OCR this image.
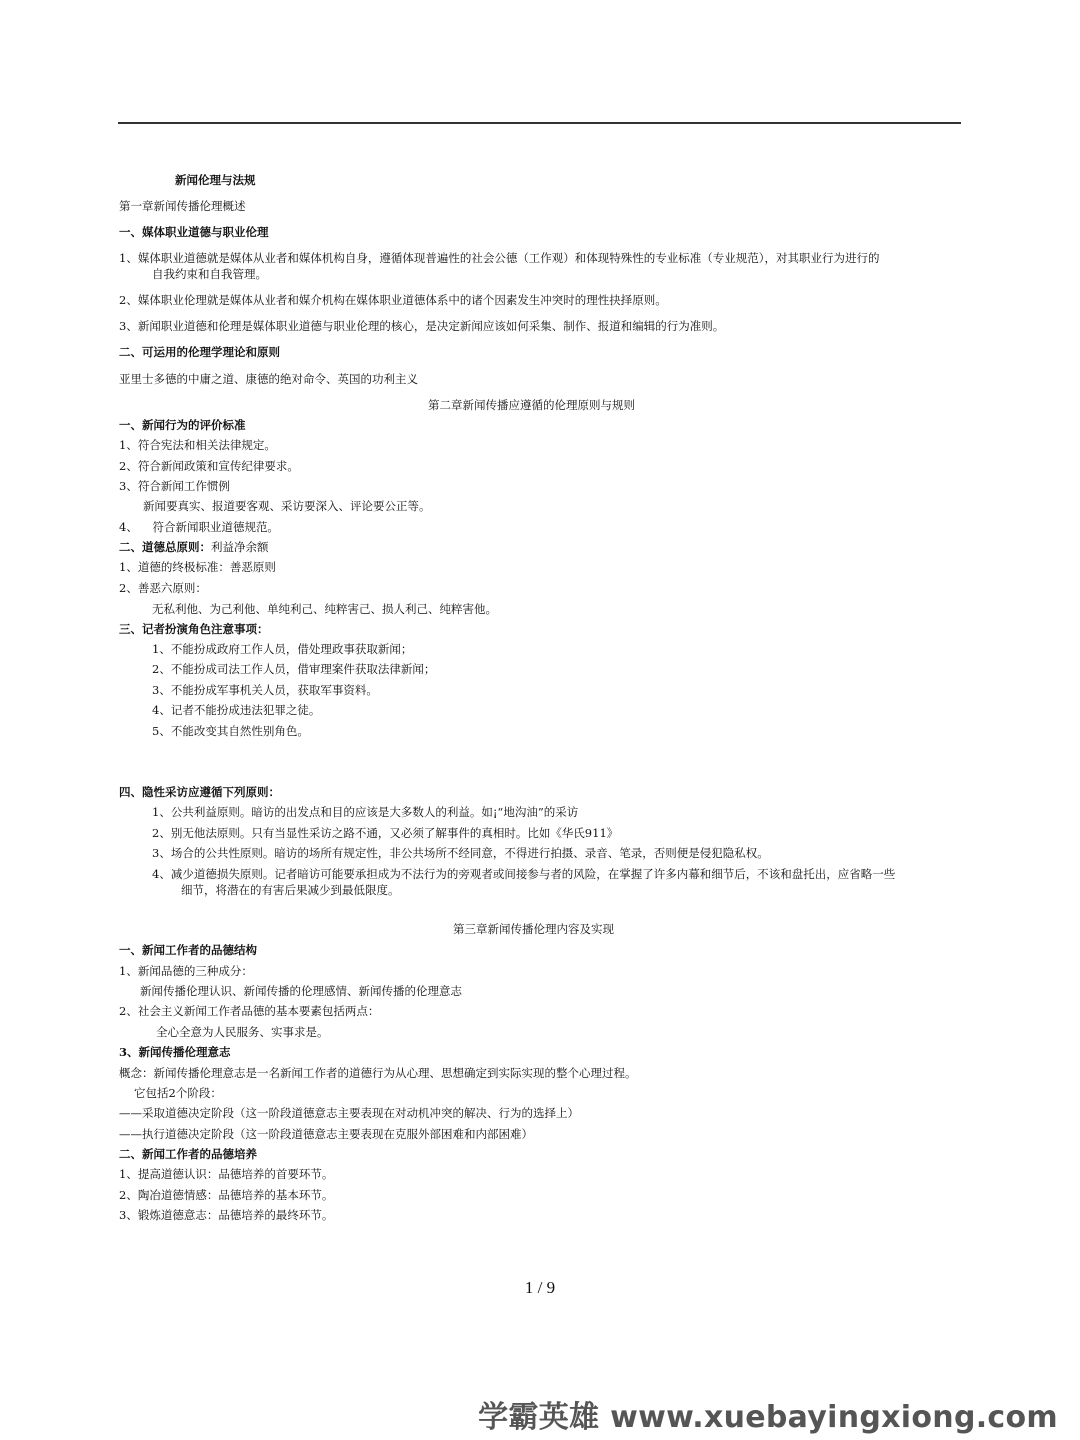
新闻伦理与法规
第一章新闻传播伦理概述
一、媒体职业道德与职业伦理
1、媒体职业道德就是媒体从业者和媒体机构自身，遵循体现普遍性的社会公德（工作观）和体现特殊性的专业标准（专业规范），对其职业行为进行的
自我约束和自我管理。
2、媒体职业伦理就是媒体从业者和媒介机构在媒体职业道德体系中的诸个因素发生冲突时的理性抉择原则。
3、新闻职业道德和伦理是媒体职业道德与职业伦理的核心，是决定新闻应该如何采集、制作、报道和编辑的行为准则。
二、可运用的伦理学理论和原则
亚里士多德的中庸之道、康德的绝对命令、英国的功利主义
第二章新闻传播应遵循的伦理原则与规则
一、新闻行为的评价标准
1、符合宪法和相关法律规定。
2、符合新闻政策和宣传纪律要求。
3、符合新闻工作惯例
新闻要真实、报道要客观、采访要深入、评论要公正等。
4、    符合新闻职业道德规范。
二、道德总原则：利益净余额
1、道德的终极标准：善恶原则
2、善恶六原则：
无私利他、为己利他、单纯利己、纯粹害己、损人利己、纯粹害他。
三、记者扮演角色注意事项：
1、不能扮成政府工作人员，借处理政事获取新闻；
2、不能扮成司法工作人员，借审理案件获取法律新闻；
3、不能扮成军事机关人员，获取军事资料。
4、记者不能扮成违法犯罪之徒。
5、不能改变其自然性别角色。
四、隐性采访应遵循下列原则：
1、公共利益原则。暗访的出发点和目的应该是大多数人的利益。如¡“地沟油”的采访
2、别无他法原则。只有当显性采访之路不通，又必须了解事件的真相时。比如《华氏911》
3、场合的公共性原则。暗访的场所有规定性，非公共场所不经同意，不得进行拍摄、录音、笔录，否则便是侵犯隐私权。
4、减少道德损失原则。记者暗访可能要承担成为不法行为的旁观者或间接参与者的风险，在掌握了许多内幕和细节后，不该和盘托出，应省略一些
细节，将潜在的有害后果减少到最低限度。
第三章新闻传播伦理内容及实现
一、新闻工作者的品德结构
1、新闻品德的三种成分：
新闻传播伦理认识、新闻传播的伦理感情、新闻传播的伦理意志
2、社会主义新闻工作者品德的基本要素包括两点：
全心全意为人民服务、实事求是。
3、新闻传播伦理意志
概念：新闻传播伦理意志是一名新闻工作者的道德行为从心理、思想确定到实际实现的整个心理过程。
它包括2个阶段：
——采取道德决定阶段（这一阶段道德意志主要表现在对动机冲突的解决、行为的选择上）
——执行道德决定阶段（这一阶段道德意志主要表现在克服外部困难和内部困难）
二、新闻工作者的品德培养
1、提高道德认识：品德培养的首要环节。
2、陶冶道德情感：品德培养的基本环节。
3、锻炼道德意志：品德培养的最终环节。
1 / 9
学霸英雄 www.xuebayingxiong.com
